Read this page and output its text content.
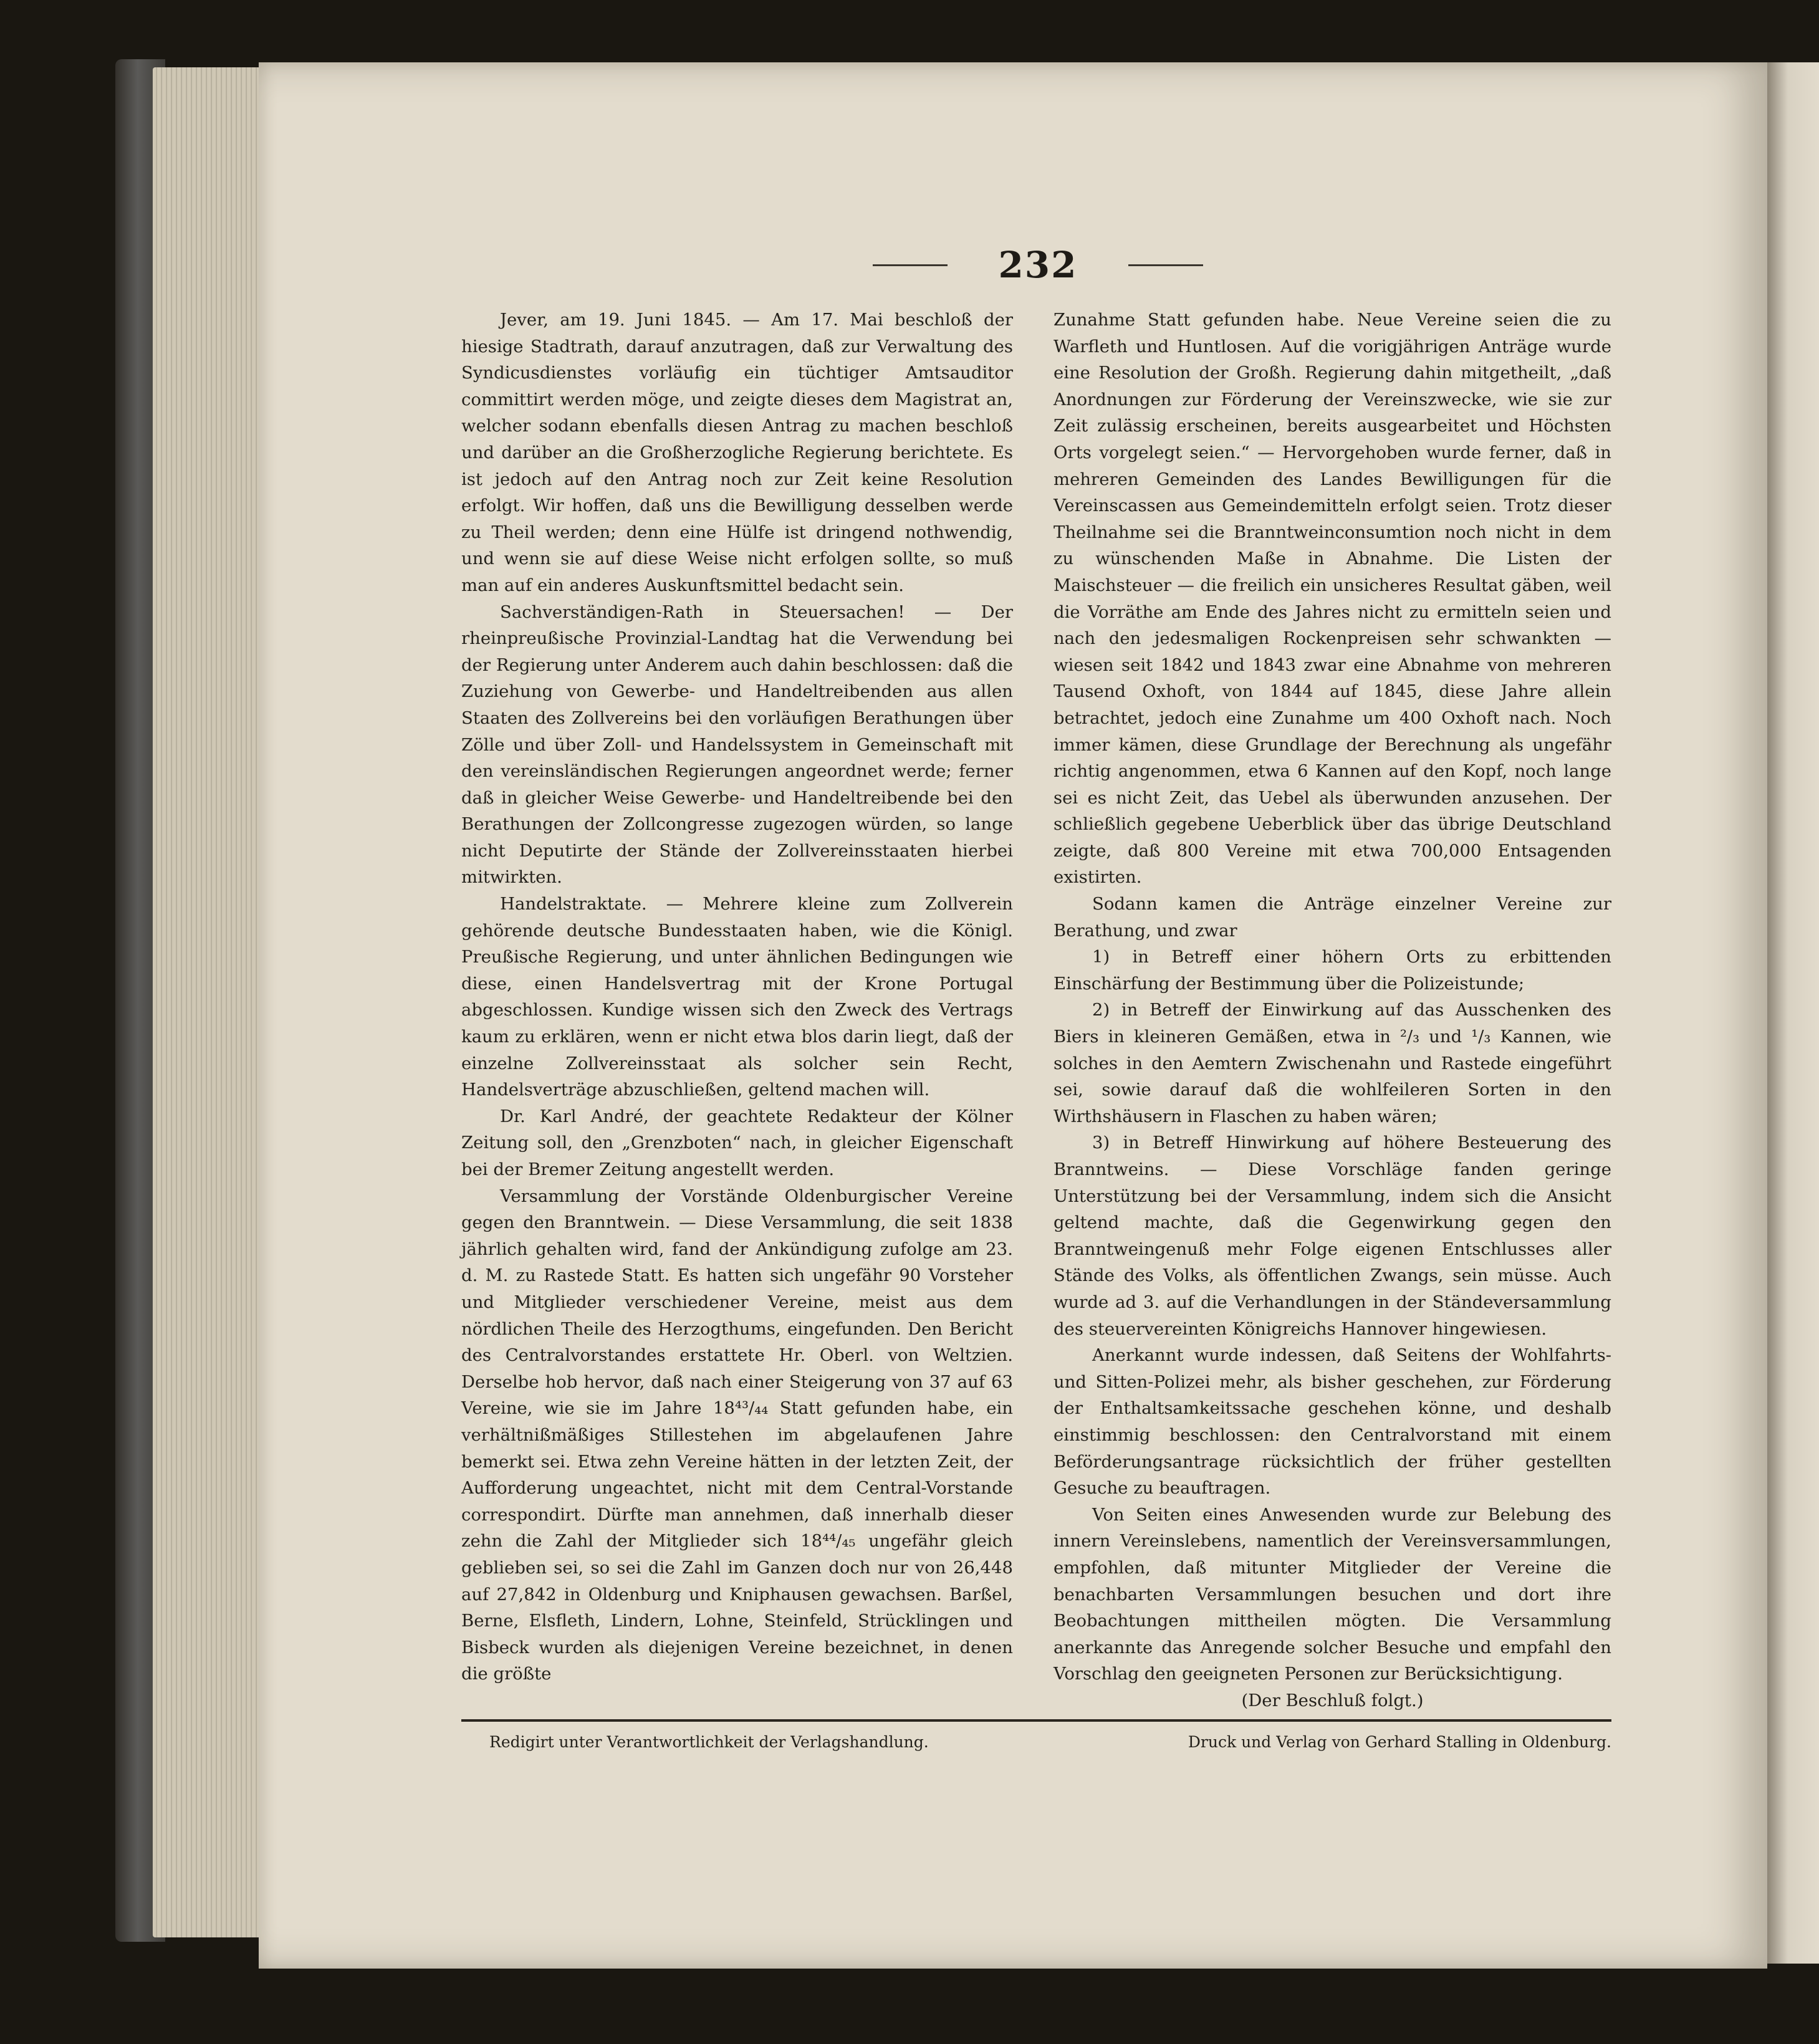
232

Jever, am 19. Juni 1845. — Am 17. Mai beschloß der hiesige Stadtrath, darauf anzutragen, daß zur Verwaltung des Syndicusdienstes vorläufig ein tüchtiger Amtsauditor committirt werden möge, und zeigte dieses dem Magistrat an, welcher sodann ebenfalls diesen Antrag zu machen beschloß und darüber an die Großherzogliche Regierung berichtete. Es ist jedoch auf den Antrag noch zur Zeit keine Resolution erfolgt. Wir hoffen, daß uns die Bewilligung desselben werde zu Theil werden; denn eine Hülfe ist dringend nothwendig, und wenn sie auf diese Weise nicht erfolgen sollte, so muß man auf ein anderes Auskunftsmittel bedacht sein.

Sachverständigen-Rath in Steuersachen! — Der rheinpreußische Provinzial-Landtag hat die Verwendung bei der Regierung unter Anderem auch dahin beschlossen: daß die Zuziehung von Gewerbe- und Handeltreibenden aus allen Staaten des Zollvereins bei den vorläufigen Berathungen über Zölle und über Zoll- und Handelssystem in Gemeinschaft mit den vereinsländischen Regierungen angeordnet werde; ferner daß in gleicher Weise Gewerbe- und Handeltreibende bei den Berathungen der Zollcongresse zugezogen würden, so lange nicht Deputirte der Stände der Zollvereinsstaaten hierbei mitwirkten.

Handelstraktate. — Mehrere kleine zum Zollverein gehörende deutsche Bundesstaaten haben, wie die Königl. Preußische Regierung, und unter ähnlichen Bedingungen wie diese, einen Handelsvertrag mit der Krone Portugal abgeschlossen. Kundige wissen sich den Zweck des Vertrags kaum zu erklären, wenn er nicht etwa blos darin liegt, daß der einzelne Zollvereinsstaat als solcher sein Recht, Handelsverträge abzuschließen, geltend machen will.

Dr. Karl André, der geachtete Redakteur der Kölner Zeitung soll, den „Grenzboten“ nach, in gleicher Eigenschaft bei der Bremer Zeitung angestellt werden.

Versammlung der Vorstände Oldenburgischer Vereine gegen den Branntwein. — Diese Versammlung, die seit 1838 jährlich gehalten wird, fand der Ankündigung zufolge am 23. d. M. zu Rastede Statt. Es hatten sich ungefähr 90 Vorsteher und Mitglieder verschiedener Vereine, meist aus dem nördlichen Theile des Herzogthums, eingefunden. Den Bericht des Centralvorstandes erstattete Hr. Oberl. von Weltzien. Derselbe hob hervor, daß nach einer Steigerung von 37 auf 63 Vereine, wie sie im Jahre 18⁴³/₄₄ Statt gefunden habe, ein verhältnißmäßiges Stillestehen im abgelaufenen Jahre bemerkt sei. Etwa zehn Vereine hätten in der letzten Zeit, der Aufforderung ungeachtet, nicht mit dem Central-Vorstande correspondirt. Dürfte man annehmen, daß innerhalb dieser zehn die Zahl der Mitglieder sich 18⁴⁴/₄₅ ungefähr gleich geblieben sei, so sei die Zahl im Ganzen doch nur von 26,448 auf 27,842 in Oldenburg und Kniphausen gewachsen. Barßel, Berne, Elsfleth, Lindern, Lohne, Steinfeld, Strücklingen und Bisbeck wurden als diejenigen Vereine bezeichnet, in denen die größte

Zunahme Statt gefunden habe. Neue Vereine seien die zu Warfleth und Huntlosen. Auf die vorigjährigen Anträge wurde eine Resolution der Großh. Regierung dahin mitgetheilt, „daß Anordnungen zur Förderung der Vereinszwecke, wie sie zur Zeit zulässig erscheinen, bereits ausgearbeitet und Höchsten Orts vorgelegt seien.“ — Hervorgehoben wurde ferner, daß in mehreren Gemeinden des Landes Bewilligungen für die Vereinscassen aus Gemeindemitteln erfolgt seien. Trotz dieser Theilnahme sei die Branntweinconsumtion noch nicht in dem zu wünschenden Maße in Abnahme. Die Listen der Maischsteuer — die freilich ein unsicheres Resultat gäben, weil die Vorräthe am Ende des Jahres nicht zu ermitteln seien und nach den jedesmaligen Rockenpreisen sehr schwankten — wiesen seit 1842 und 1843 zwar eine Abnahme von mehreren Tausend Oxhoft, von 1844 auf 1845, diese Jahre allein betrachtet, jedoch eine Zunahme um 400 Oxhoft nach. Noch immer kämen, diese Grundlage der Berechnung als ungefähr richtig angenommen, etwa 6 Kannen auf den Kopf, noch lange sei es nicht Zeit, das Uebel als überwunden anzusehen. Der schließlich gegebene Ueberblick über das übrige Deutschland zeigte, daß 800 Vereine mit etwa 700,000 Entsagenden existirten.

Sodann kamen die Anträge einzelner Vereine zur Berathung, und zwar

1) in Betreff einer höhern Orts zu erbittenden Einschärfung der Bestimmung über die Polizeistunde;

2) in Betreff der Einwirkung auf das Ausschenken des Biers in kleineren Gemäßen, etwa in ²/₃ und ¹/₃ Kannen, wie solches in den Aemtern Zwischenahn und Rastede eingeführt sei, sowie darauf daß die wohlfeileren Sorten in den Wirthshäusern in Flaschen zu haben wären;

3) in Betreff Hinwirkung auf höhere Besteuerung des Branntweins. — Diese Vorschläge fanden geringe Unterstützung bei der Versammlung, indem sich die Ansicht geltend machte, daß die Gegenwirkung gegen den Branntweingenuß mehr Folge eigenen Entschlusses aller Stände des Volks, als öffentlichen Zwangs, sein müsse. Auch wurde ad 3. auf die Verhandlungen in der Ständeversammlung des steuervereinten Königreichs Hannover hingewiesen.

Anerkannt wurde indessen, daß Seitens der Wohlfahrts- und Sitten-Polizei mehr, als bisher geschehen, zur Förderung der Enthaltsamkeitssache geschehen könne, und deshalb einstimmig beschlossen: den Centralvorstand mit einem Beförderungsantrage rücksichtlich der früher gestellten Gesuche zu beauftragen.

Von Seiten eines Anwesenden wurde zur Belebung des innern Vereinslebens, namentlich der Vereinsversammlungen, empfohlen, daß mitunter Mitglieder der Vereine die benachbarten Versammlungen besuchen und dort ihre Beobachtungen mittheilen mögten. Die Versammlung anerkannte das Anregende solcher Besuche und empfahl den Vorschlag den geeigneten Personen zur Berücksichtigung.

(Der Beschluß folgt.)

Redigirt unter Verantwortlichkeit der Verlagshandlung.	Druck und Verlag von Gerhard Stalling in Oldenburg.
